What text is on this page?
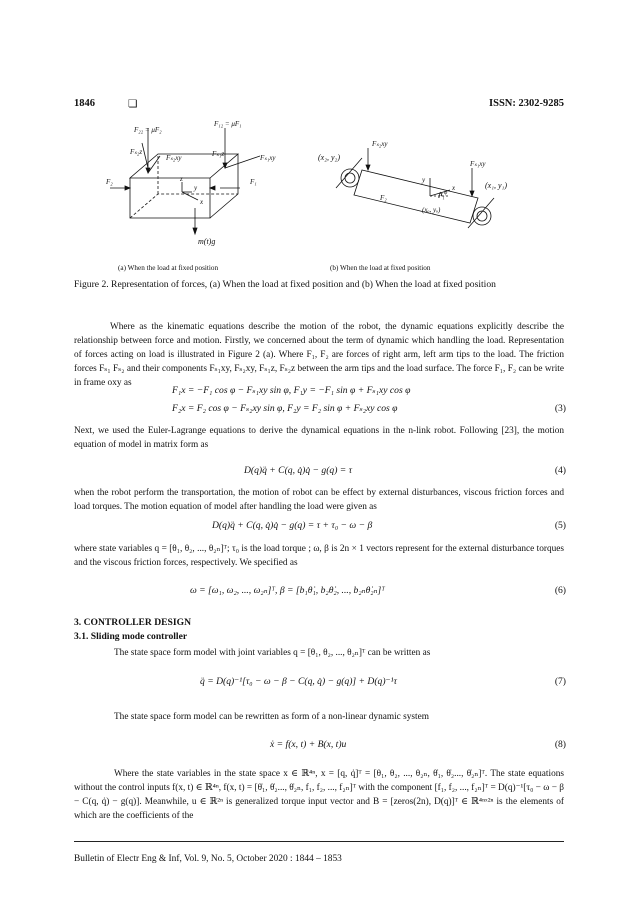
1846	❏	ISSN: 2302-9285
F₂₂ = μF₂
F₁₂ = μF₁
Fₛ₂z
Fₛ₂xy	Fₛ₁z	Fₛ₁xy
F₂	F₁
z
y
x
m(t)g
(x₂, y₂)
(x₁, y₁)
Fₛ₂xy
Fₛ₁xy
F₂	F₁
(xₒ, yₒ)
y
x
φ
(a) When the load at fixed position	(b) When the load at fixed position
Figure 2. Representation of forces, (a) When the load at fixed position and (b) When the load at fixed position
Where as the kinematic equations describe the motion of the robot, the dynamic equations explicitly describe the relationship between force and motion. Firstly, we concerned about the term of dynamic which handling the load. Representation of forces acting on load is illustrated in Figure 2 (a). Where F₁, F₂ are forces of right arm, left arm tips to the load. The friction forces Fₛ₁ Fₛ₂ and their components Fₛ₁xy, Fₛ₂xy, Fₛ₁z, Fₛ₂z between the arm tips and the load surface. The force F₁, F₂ can be write in frame oxy as
F₁x = −F₁ cos φ − Fₛ₁xy sin φ, F₁y = −F₁ sin φ + Fₛ₁xy cos φ
F₂x = F₂ cos φ − Fₛ₂xy sin φ, F₂y = F₂ sin φ + Fₛ₂xy cos φ	(3)
Next, we used the Euler-Lagrange equations to derive the dynamical equations in the n-link robot. Following [23], the motion equation of model in matrix form as
D(q)q̈ + C(q, q̇)q̇ − g(q) = τ	(4)
when the robot perform the transportation, the motion of robot can be effect by external disturbances, viscous friction forces and load torques. The motion equation of model after handling the load were given as
D(q)q̈ + C(q, q̇)q̇ − g(q) = τ + τ₀ − ω − β	(5)
where state variables q = [θ₁, θ₂, ..., θ₂ₙ]ᵀ; τ₀ is the load torque ; ω, β is 2n × 1 vectors represent for the external disturbance torques and the viscous friction forces, respectively. We specified as
ω = [ω₁, ω₂, ..., ω₂ₙ]ᵀ, β = [b₁θ̇₁, b₂θ̇₂, ..., b₂ₙθ̇₂ₙ]ᵀ	(6)
3. CONTROLLER DESIGN
3.1. Sliding mode controller
The state space form model with joint variables q = [θ₁, θ₂, ..., θ₂ₙ]ᵀ can be written as
q̈ = D(q)⁻¹[τ₀ − ω − β − C(q, q̇) − g(q)] + D(q)⁻¹τ	(7)
The state space form model can be rewritten as form of a non-linear dynamic system
ẋ = f(x, t) + B(x, t)u	(8)
Where the state variables in the state space x ∈ ℝ⁴ⁿ, x = [q, q̇]ᵀ = [θ₁, θ₂, ..., θ₂ₙ, θ̇₁, θ̇₂..., θ̇₂ₙ]ᵀ. The state equations without the control inputs f(x, t) ∈ ℝ⁴ⁿ, f(x, t) = [θ̇₁, θ̇₂..., θ̇₂ₙ, f₁, f₂, ..., f₂ₙ]ᵀ with the component [f₁, f₂, ..., f₂ₙ]ᵀ = D(q)⁻¹[τ₀ − ω − β − C(q, q̇) − g(q)]. Meanwhile, u ∈ ℝ²ⁿ is generalized torque input vector and B = [zeros(2n), D(q)]ᵀ ∈ ℝ⁴ⁿˣ²ⁿ is the elements of which are the coefficients of the
Bulletin of Electr Eng & Inf, Vol. 9, No. 5, October 2020 : 1844 – 1853
